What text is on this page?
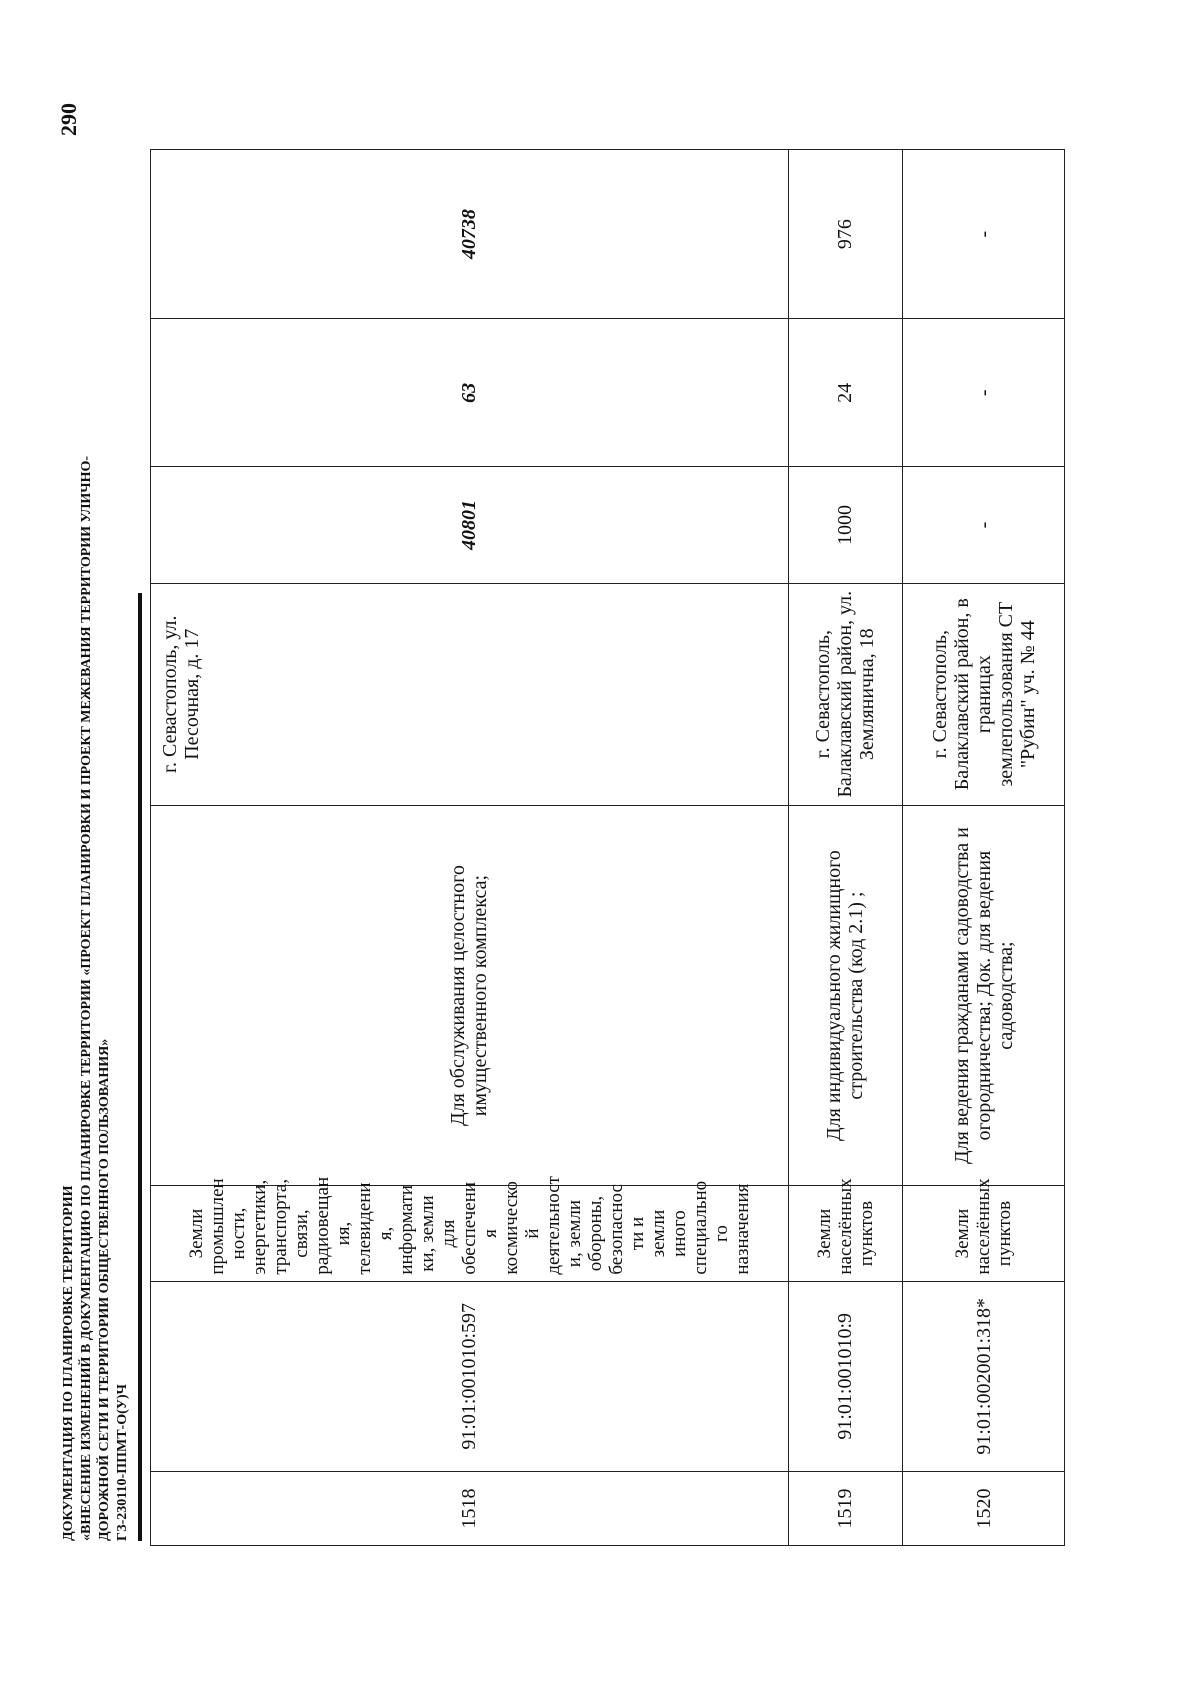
290
ДОКУМЕНТАЦИЯ ПО ПЛАНИРОВКЕ ТЕРРИТОРИИ «ВНЕСЕНИЕ ИЗМЕНЕНИЙ В ДОКУМЕНТАЦИЮ ПО ПЛАНИРОВКЕ ТЕРРИТОРИИ «ПРОЕКТ ПЛАНИРОВКИ И ПРОЕКТ МЕЖЕВАНИЯ ТЕРРИТОРИИ УЛИЧНО- ДОРОЖНОЙ СЕТИ И ТЕРРИТОРИИ ОБЩЕСТВЕННОГО ПОЛЬЗОВАНИЯ» ГЗ-230110-ППМТ-О(У)Ч	1518	91:01:001010:597	Земли промышлен ности, энергетики, транспорта, связи, радиовещан ия, телевидени я, информати ки, земли для обеспечени я космическо й деятельност и, земли обороны, безопаснос ти и земли иного специально го назначения	Для обслуживания целостного имущественного комплекса;	г. Севастополь, ул. Песочная, д. 17	40801	63	40738
1519	91:01:001010:9	Земли населённых пунктов	Для индивидуального жилищного строительства (код 2.1) ;	г. Севастополь, Балаклавский район, ул. Землянична, 18	1000	24	976
1520	91:01:002001:318*	Земли населённых пунктов	Для ведения гражданами садоводства и огородничества; Док. для ведения садоводства;	г. Севастополь, Балаклавский район, в границах землепользования СТ "Рубин" уч. № 44	-	-	-
